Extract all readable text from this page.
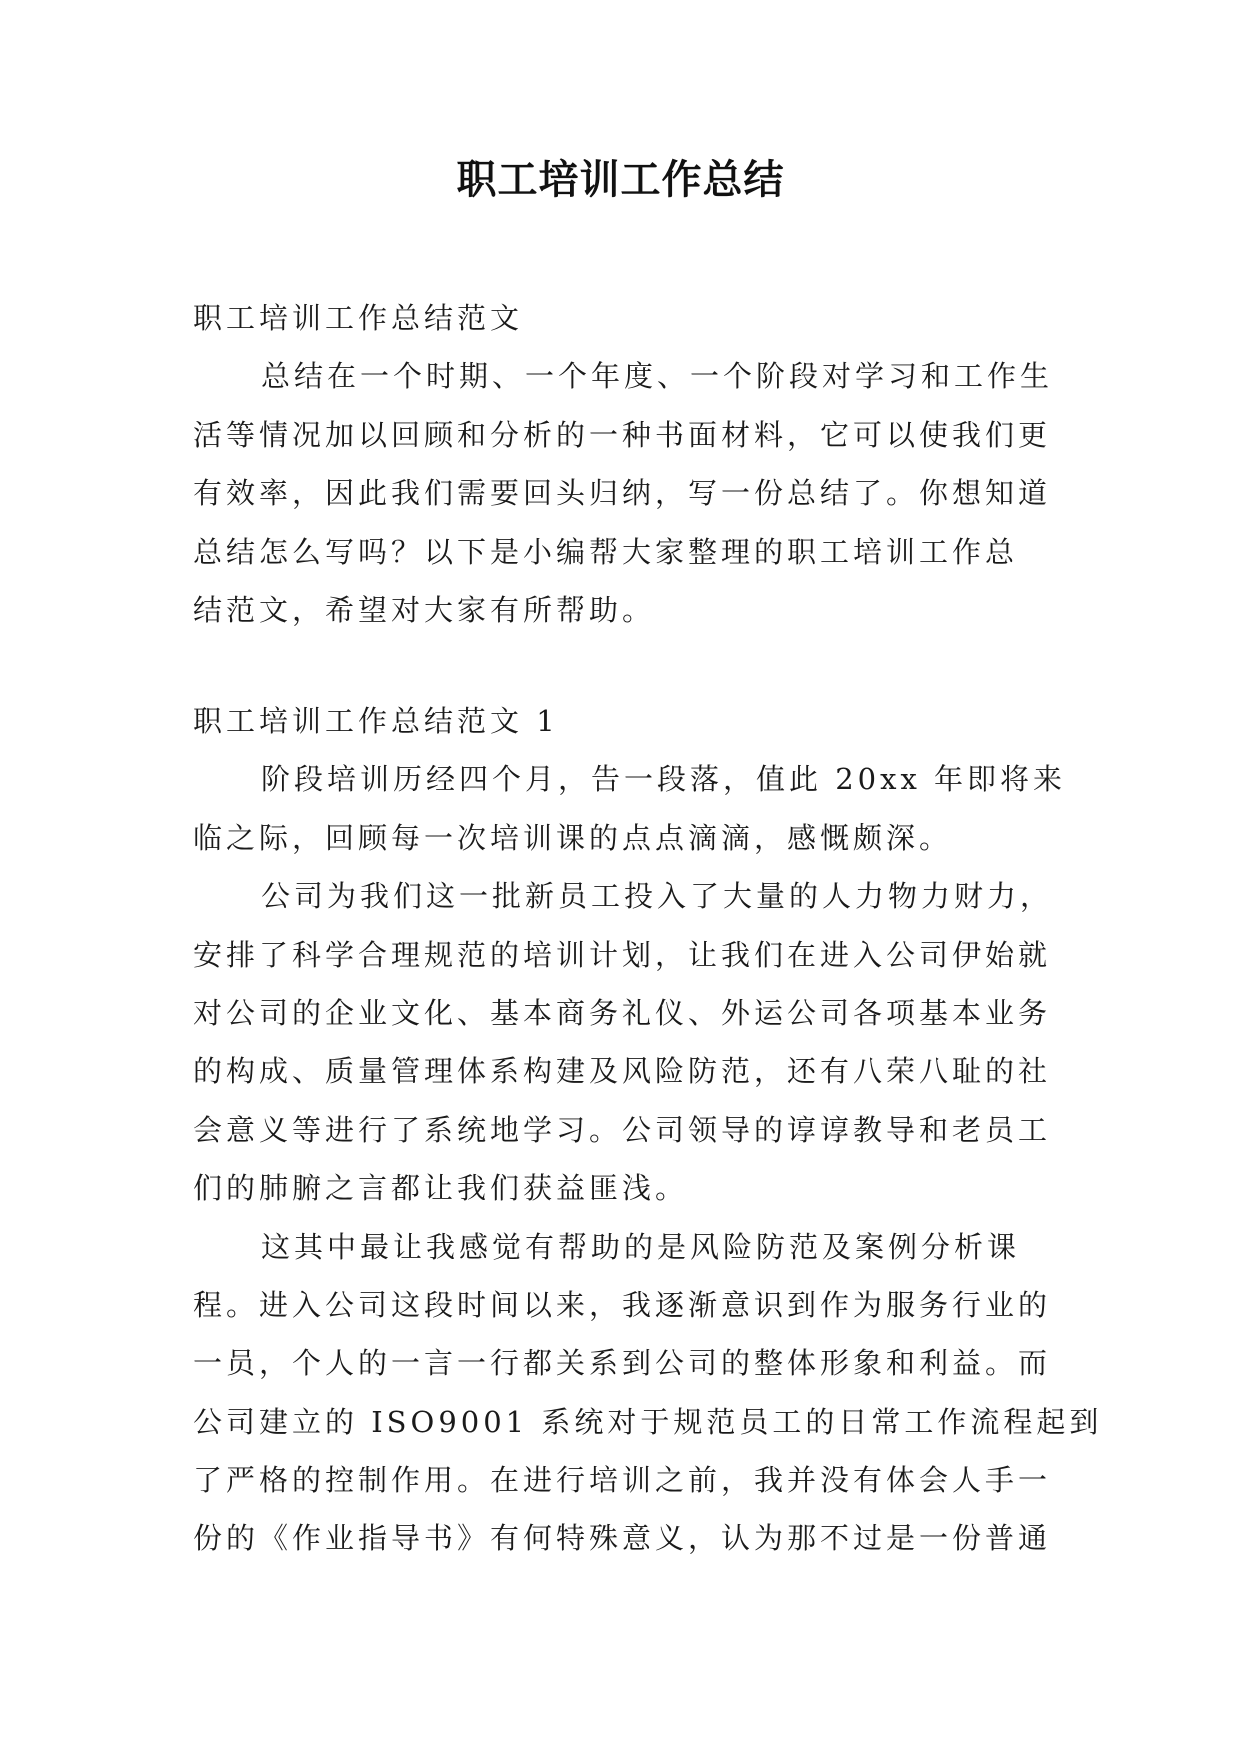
职工培训工作总结
职工培训工作总结范文
总结在一个时期、一个年度、一个阶段对学习和工作生
活等情况加以回顾和分析的一种书面材料，它可以使我们更
有效率，因此我们需要回头归纳，写一份总结了。你想知道
总结怎么写吗？以下是小编帮大家整理的职工培训工作总
结范文，希望对大家有所帮助。
职工培训工作总结范文 1
阶段培训历经四个月，告一段落，值此 20xx 年即将来
临之际，回顾每一次培训课的点点滴滴，感慨颇深。
公司为我们这一批新员工投入了大量的人力物力财力，
安排了科学合理规范的培训计划，让我们在进入公司伊始就
对公司的企业文化、基本商务礼仪、外运公司各项基本业务
的构成、质量管理体系构建及风险防范，还有八荣八耻的社
会意义等进行了系统地学习。公司领导的谆谆教导和老员工
们的肺腑之言都让我们获益匪浅。
这其中最让我感觉有帮助的是风险防范及案例分析课
程。进入公司这段时间以来，我逐渐意识到作为服务行业的
一员，个人的一言一行都关系到公司的整体形象和利益。而
公司建立的 ISO9001 系统对于规范员工的日常工作流程起到
了严格的控制作用。在进行培训之前，我并没有体会人手一
份的《作业指导书》有何特殊意义，认为那不过是一份普通
